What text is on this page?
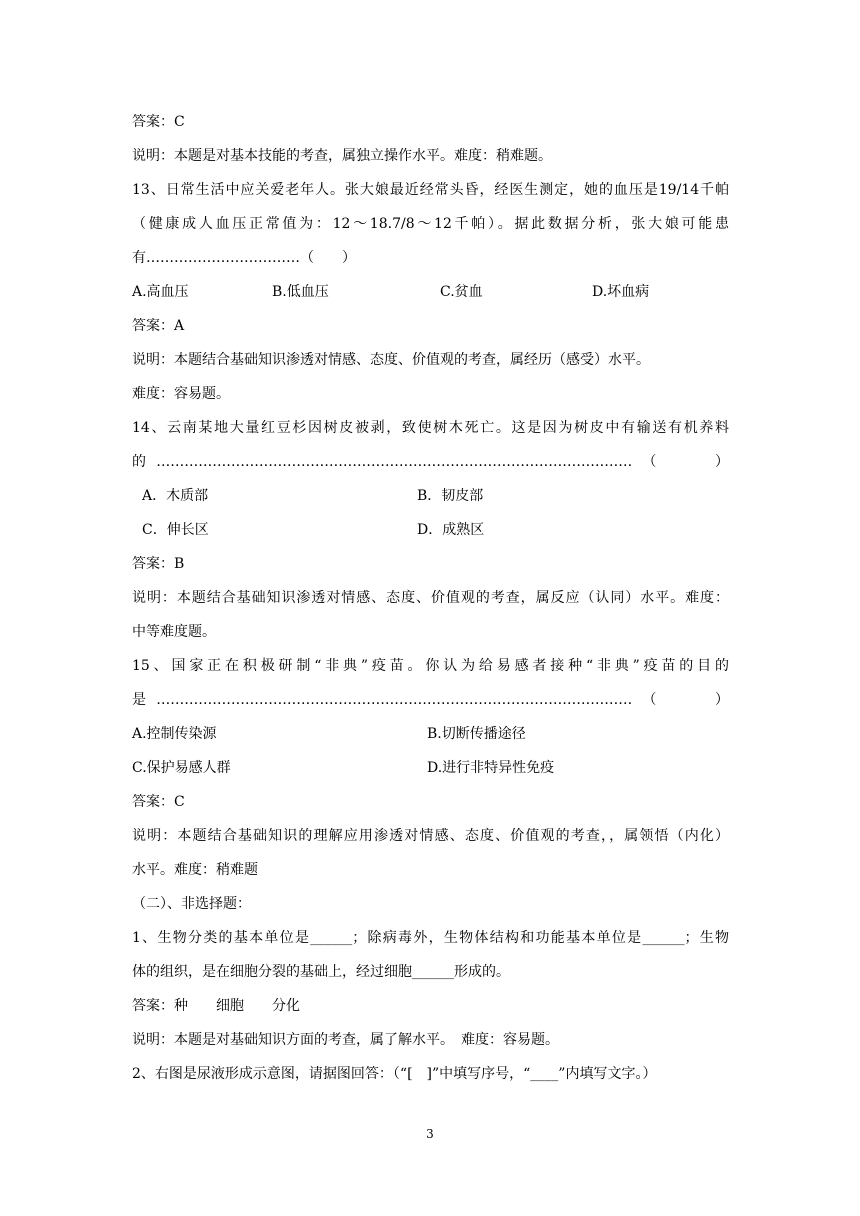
答案：C
说明：本题是对基本技能的考查，属独立操作水平。难度：稍难题。
13、日常生活中应关爱老年人。张大娘最近经常头昏，经医生测定，她的血压是19/14千帕
（健康成人血压正常值为：12～18.7/8～12千帕）。据此数据分析，张大娘可能患
有……………………………（　　）
A.高血压	B.低血压	C.贫血	D.坏血病
答案：A
说明：本题结合基础知识渗透对情感、态度、价值观的考查，属经历（感受）水平。
难度：容易题。
14、云南某地大量红豆杉因树皮被剥，致使树木死亡。这是因为树皮中有输送有机养料
的…………………………………………………………………………………………（　　）
A．木质部	B．韧皮部
C．伸长区	D．成熟区
答案：B
说明：本题结合基础知识渗透对情感、态度、价值观的考查，属反应（认同）水平。难度：
中等难度题。
15、国家正在积极研制“非典”疫苗。你认为给易感者接种“非典”疫苗的目的
是…………………………………………………………………………………………（　　）
A.控制传染源	B.切断传播途径
C.保护易感人群	D.进行非特异性免疫
答案：C
说明：本题结合基础知识的理解应用渗透对情感、态度、价值观的考查，，属领悟（内化）
水平。难度：稍难题
（二）、非选择题：
1、生物分类的基本单位是______；除病毒外，生物体结构和功能基本单位是______；生物
体的组织，是在细胞分裂的基础上，经过细胞______形成的。
答案：种　　细胞　　分化
说明：本题是对基础知识方面的考查，属了解水平。　难度：容易题。
2、右图是尿液形成示意图，请据图回答：（“[　]”中填写序号，“____”内填写文字。）
3
